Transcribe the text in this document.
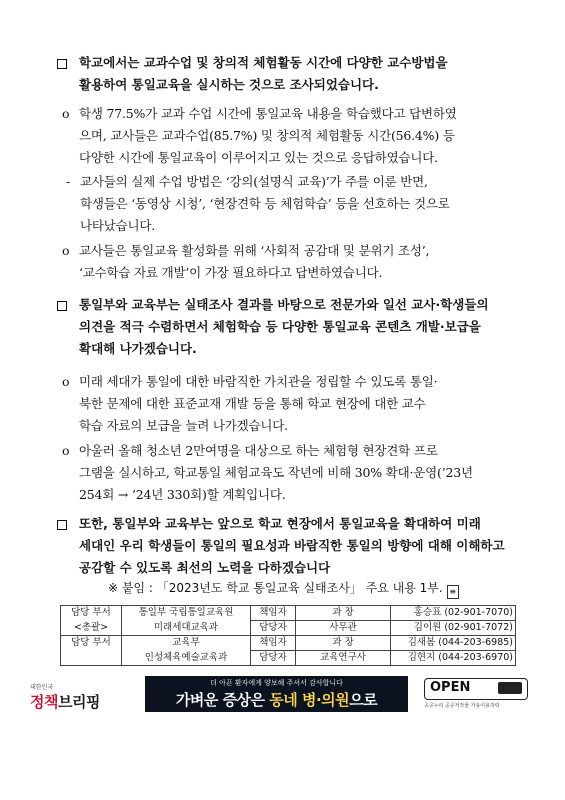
학교에서는 교과수업 및 창의적 체험활동 시간에 다양한 교수방법을
활용하여 통일교육을 실시하는 것으로 조사되었습니다.
o 학생 77.5%가 교과 수업 시간에 통일교육 내용을 학습했다고 답변하였
으며, 교사들은 교과수업(85.7%) 및 창의적 체험활동 시간(56.4%) 등
다양한 시간에 통일교육이 이루어지고 있는 것으로 응답하였습니다.
- 교사들의 실제 수업 방법은 ‘강의(설명식 교육)’가 주를 이룬 반면,
학생들은 ‘동영상 시청’, ‘현장견학 등 체험학습’ 등을 선호하는 것으로
나타났습니다.
o 교사들은 통일교육 활성화를 위해 ‘사회적 공감대 및 분위기 조성’,
‘교수학습 자료 개발’이 가장 필요하다고 답변하였습니다.
통일부와 교육부는 실태조사 결과를 바탕으로 전문가와 일선 교사·학생들의
의견을 적극 수렴하면서 체험학습 등 다양한 통일교육 콘텐츠 개발·보급을
확대해 나가겠습니다.
o 미래 세대가 통일에 대한 바람직한 가치관을 정립할 수 있도록 통일·
북한 문제에 대한 표준교재 개발 등을 통해 학교 현장에 대한 교수
학습 자료의 보급을 늘려 나가겠습니다.
o 아울러 올해 청소년 2만여명을 대상으로 하는 체험형 현장견학 프로
그램을 실시하고, 학교통일 체험교육도 작년에 비해 30% 확대·운영(’23년
254회 → ’24년 330회)할 계획입니다.
또한, 통일부와 교육부는 앞으로 학교 현장에서 통일교육을 확대하여 미래
세대인 우리 학생들이 통일의 필요성과 바람직한 통일의 방향에 대해 이해하고
공감할 수 있도록 최선의 노력을 다하겠습니다
※ 붙임 : 「2023년도 학교 통일교육 실태조사」 주요 내용 1부. ≡
담당 부서	통일부 국립통일교육원	책임자	과 장	홍승표 (02-901-7070)
<총괄>	미래세대교육과	담당자	사무관	김이원 (02-901-7072)
담당 부서	교육부	책임자	과 장	김새봄 (044-203-6985)
	인성체육예술교육과	담당자	교육연구사	김현지 (044-203-6970)
대한민국
정책브리핑
더 아픈 환자에게 양보해 주셔서 감사합니다
가벼운 증상은 동네 병·의원으로
OPEN
공공누리 공공저작물 자유이용허락
